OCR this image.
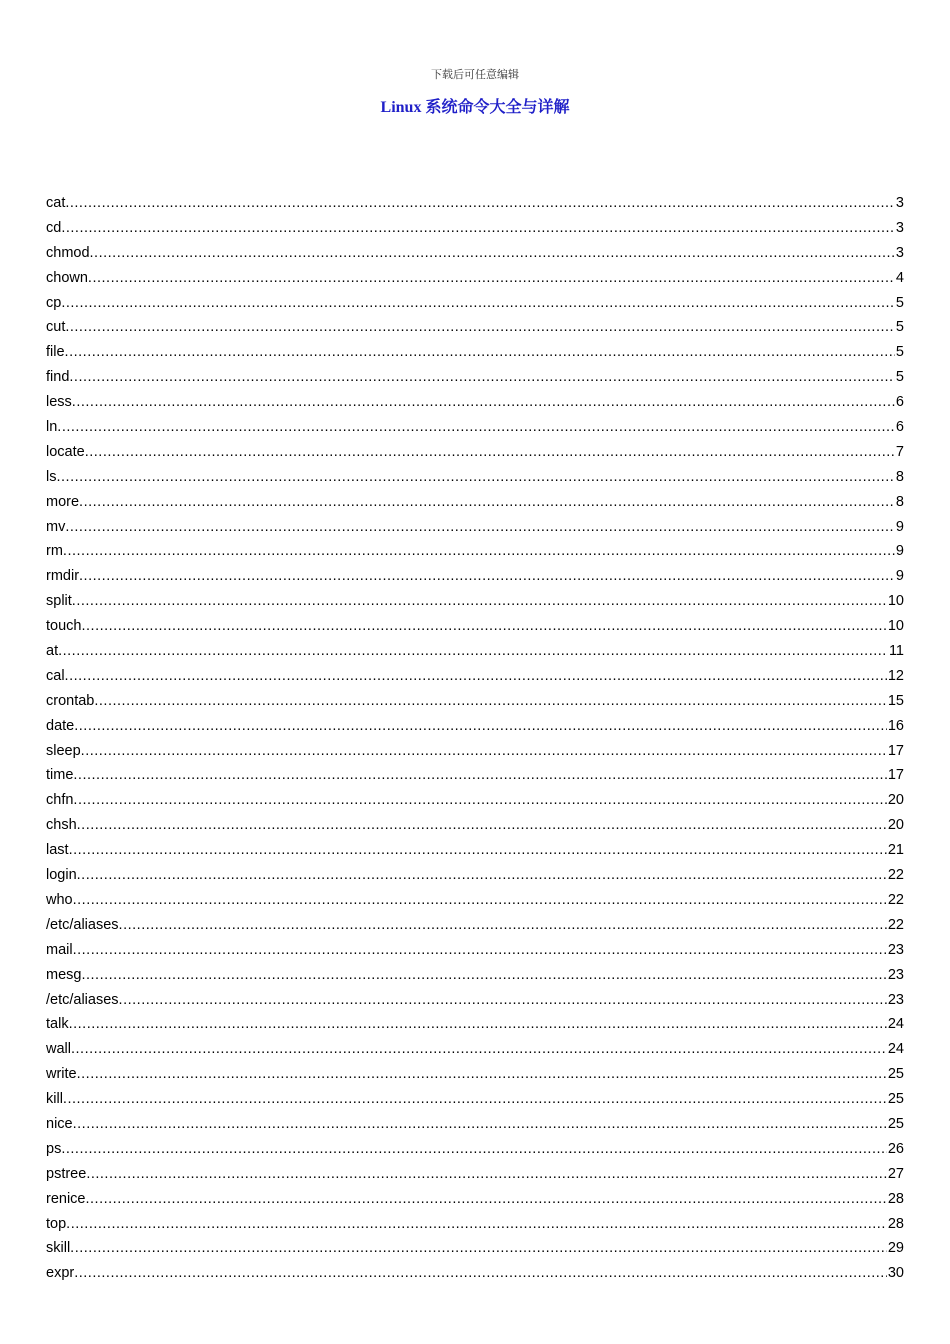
下载后可任意编辑
Linux 系统命令大全与详解
cat .....	3
cd .....	3
chmod .....	3
chown .....	4
cp .....	5
cut .....	5
file .....	5
find .....	5
less .....	6
ln .....	6
locate .....	7
ls .....	8
more .....	8
mv .....	9
rm .....	9
rmdir .....	9
split .....	10
touch .....	10
at .....	11
cal .....	12
crontab .....	15
date .....	16
sleep .....	17
time .....	17
chfn .....	20
chsh .....	20
last .....	21
login .....	22
who .....	22
/etc/aliases .....	22
mail .....	23
mesg .....	23
/etc/aliases .....	23
talk .....	24
wall .....	24
write .....	25
kill .....	25
nice .....	25
ps .....	26
pstree .....	27
renice .....	28
top .....	28
skill .....	29
expr .....	30
